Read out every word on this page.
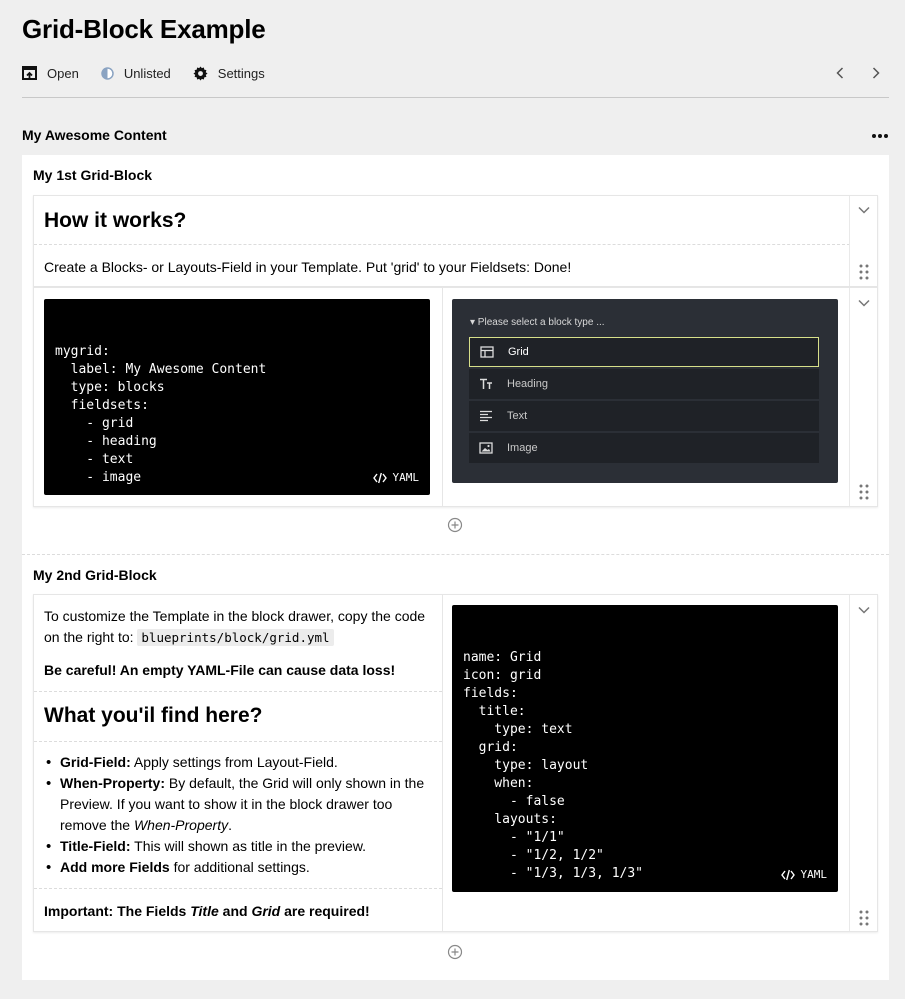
Grid-Block Example
Open	Unlisted	Settings
My Awesome Content
My 1st Grid-Block
How it works?
Create a Blocks- or Layouts-Field in your Template. Put 'grid' to your Fieldsets: Done!

mygrid:
label: My Awesome Content
type: blocks
fieldsets:
- grid
- heading
- text
- image

	YAML

▾ Please select a block type ...
Grid
Heading
Text
Image
My 2nd Grid-Block
To customize the Template in the block drawer, copy the code on the right to: blueprints/block/grid.yml
Be careful! An empty YAML-File can cause data loss!
What you'il find here?
• Grid-Field: Apply settings from Layout-Field.
• When-Property: By default, the Grid will only shown in the Preview. If you want to show it in the block drawer too remove the When-Property.
• Title-Field: This will shown as title in the preview.
• Add more Fields for additional settings.
Important: The Fields Title and Grid are required!

name: Grid
icon: grid
fields:
title:
type: text
grid:
type: layout
when:
- false
layouts:
- "1/1"
- "1/2, 1/2"
- "1/3, 1/3, 1/3"

	YAML
